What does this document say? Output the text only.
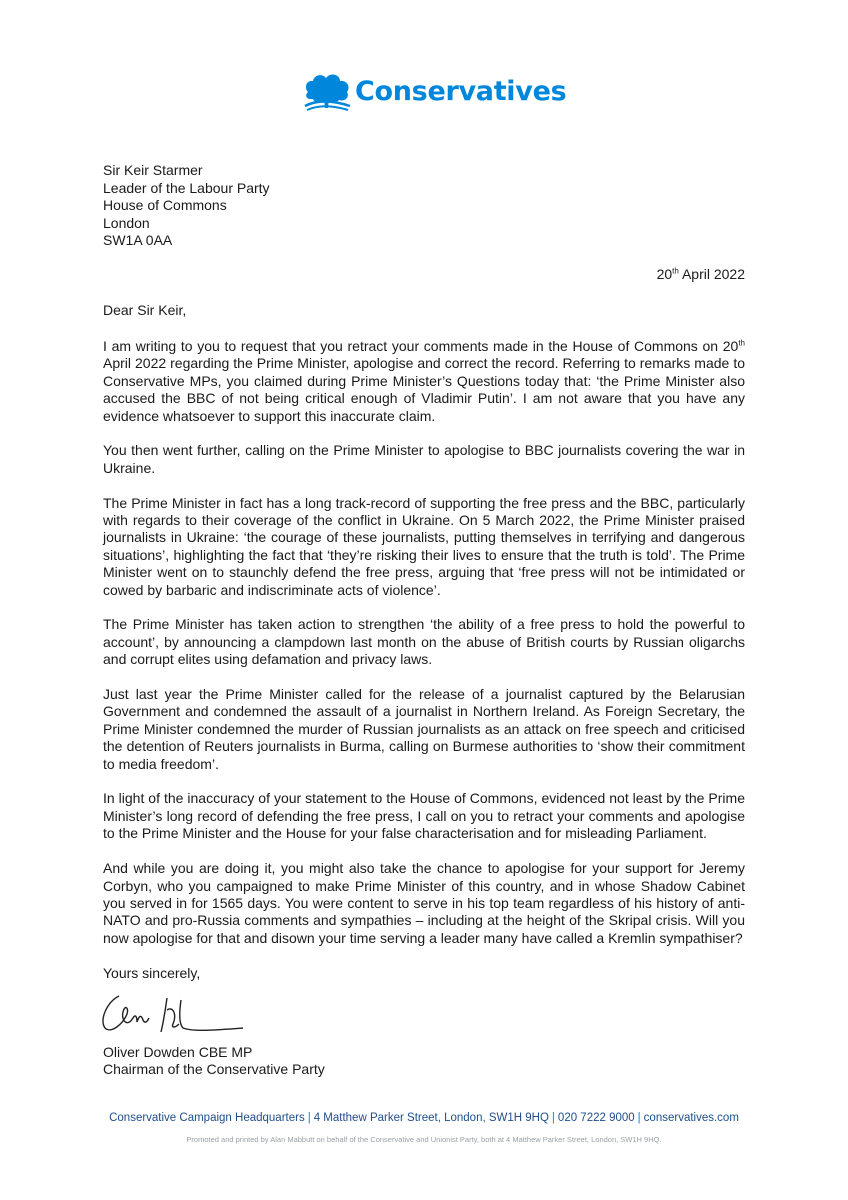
Conservatives
Sir Keir Starmer
Leader of the Labour Party
House of Commons
London
SW1A 0AA
20th April 2022
Dear Sir Keir,

I am writing to you to request that you retract your comments made in the House of Commons on 20th April 2022 regarding the Prime Minister, apologise and correct the record. Referring to remarks made to Conservative MPs, you claimed during Prime Minister’s Questions today that: ‘the Prime Minister also accused the BBC of not being critical enough of Vladimir Putin’. I am not aware that you have any evidence whatsoever to support this inaccurate claim.

You then went further, calling on the Prime Minister to apologise to BBC journalists covering the war in Ukraine.

The Prime Minister in fact has a long track-record of supporting the free press and the BBC, particularly with regards to their coverage of the conflict in Ukraine. On 5 March 2022, the Prime Minister praised journalists in Ukraine: ‘the courage of these journalists, putting themselves in terrifying and dangerous situations’, highlighting the fact that ‘they’re risking their lives to ensure that the truth is told’. The Prime Minister went on to staunchly defend the free press, arguing that ‘free press will not be intimidated or cowed by barbaric and indiscriminate acts of violence’.

The Prime Minister has taken action to strengthen ‘the ability of a free press to hold the powerful to account’, by announcing a clampdown last month on the abuse of British courts by Russian oligarchs and corrupt elites using defamation and privacy laws.

Just last year the Prime Minister called for the release of a journalist captured by the Belarusian Government and condemned the assault of a journalist in Northern Ireland. As Foreign Secretary, the Prime Minister condemned the murder of Russian journalists as an attack on free speech and criticised the detention of Reuters journalists in Burma, calling on Burmese authorities to ‘show their commitment to media freedom’.

In light of the inaccuracy of your statement to the House of Commons, evidenced not least by the Prime Minister’s long record of defending the free press, I call on you to retract your comments and apologise to the Prime Minister and the House for your false characterisation and for misleading Parliament.

And while you are doing it, you might also take the chance to apologise for your support for Jeremy Corbyn, who you campaigned to make Prime Minister of this country, and in whose Shadow Cabinet you served in for 1565 days. You were content to serve in his top team regardless of his history of anti-NATO and pro-Russia comments and sympathies – including at the height of the Skripal crisis. Will you now apologise for that and disown your time serving a leader many have called a Kremlin sympathiser?

Yours sincerely,
Oliver Dowden CBE MP
Chairman of the Conservative Party
Conservative Campaign Headquarters | 4 Matthew Parker Street, London, SW1H 9HQ | 020 7222 9000 | conservatives.com
Promoted and printed by Alan Mabbutt on behalf of the Conservative and Unionist Party, both at 4 Matthew Parker Street, London, SW1H 9HQ.
